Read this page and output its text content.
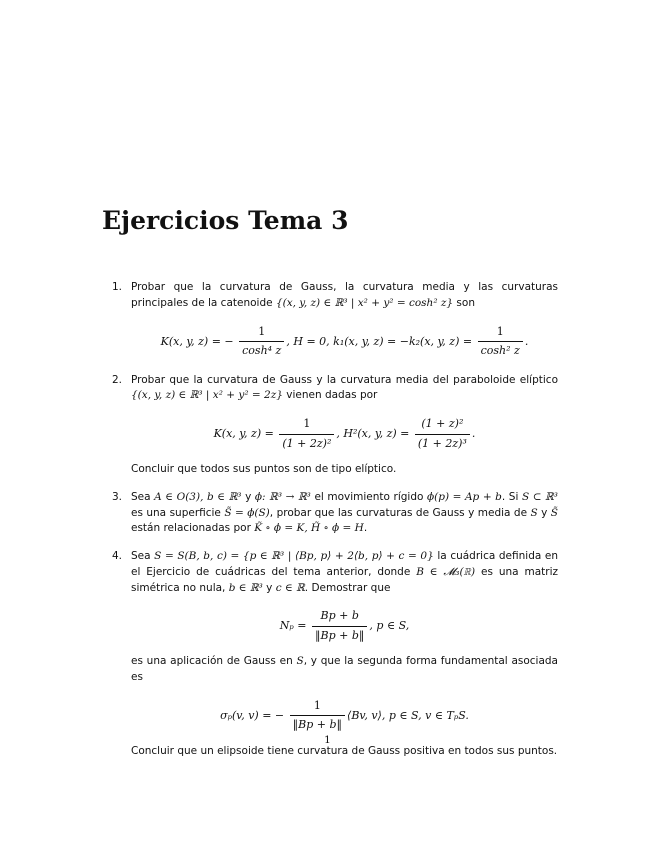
Ejercicios Tema 3
1. Probar que la curvatura de Gauss, la curvatura media y las curvaturas principales de la catenoide {(x, y, z) ∈ ℝ³ | x² + y² = cosh² z} son

K(x, y, z) = − $\frac{1}{\text{cosh⁴ z}}$ , H = 0, k₁(x, y, z) = −k₂(x, y, $z) = \frac{1}{\text{cosh² z}}$ .
2. Probar que la curvatura de Gauss y la curvatura media del paraboloide elíptico {(x, y, z) ∈ ℝ³ | x² + y² = 2z} vienen dadas por

K(x, y, $z) = \frac{1}{\text{(1 + 2z)²}}$ , H²(x, y, $z) = \frac{\text{(1 + z)²}}{\text{(1 + 2z)³}}$ .

Concluir que todos sus puntos son de tipo elíptico.

3. Sea A ∈ O(3), b ∈ ℝ³ y ϕ: ℝ³ → ℝ³ el movimiento rígido ϕ(p) = Ap + b. Si S ⊂ ℝ³ es una superficie S̃ = ϕ(S), probar que las curvaturas de Gauss y media de S y S̃ están relacionadas por K̃ ∘ ϕ = K, H̃ ∘ ϕ = H.

4. Sea S = S(B, b, c) = {p ∈ ℝ³ | ⟨Bp, p⟩ + 2⟨b, p⟩ + c = 0} la cuádrica definida en el Ejercicio de cuádricas del tema anterior, donde B ∈ 𝓜₃(ℝ) es una matriz simétrica no nula, b ∈ ℝ³ y c ∈ ℝ. Demostrar que

$N_p = \frac{Bp + b}{‖Bp + b‖}$ , p ∈ S,

es una aplicación de Gauss en S, y que la segunda forma fundamental asociada es

σₚ(v, v) = − $\frac{1}{‖Bp + b‖}$ ⟨Bv, v⟩, p ∈ S, v ∈ TₚS.

Concluir que un elipsoide tiene curvatura de Gauss positiva en todos sus puntos.

1
